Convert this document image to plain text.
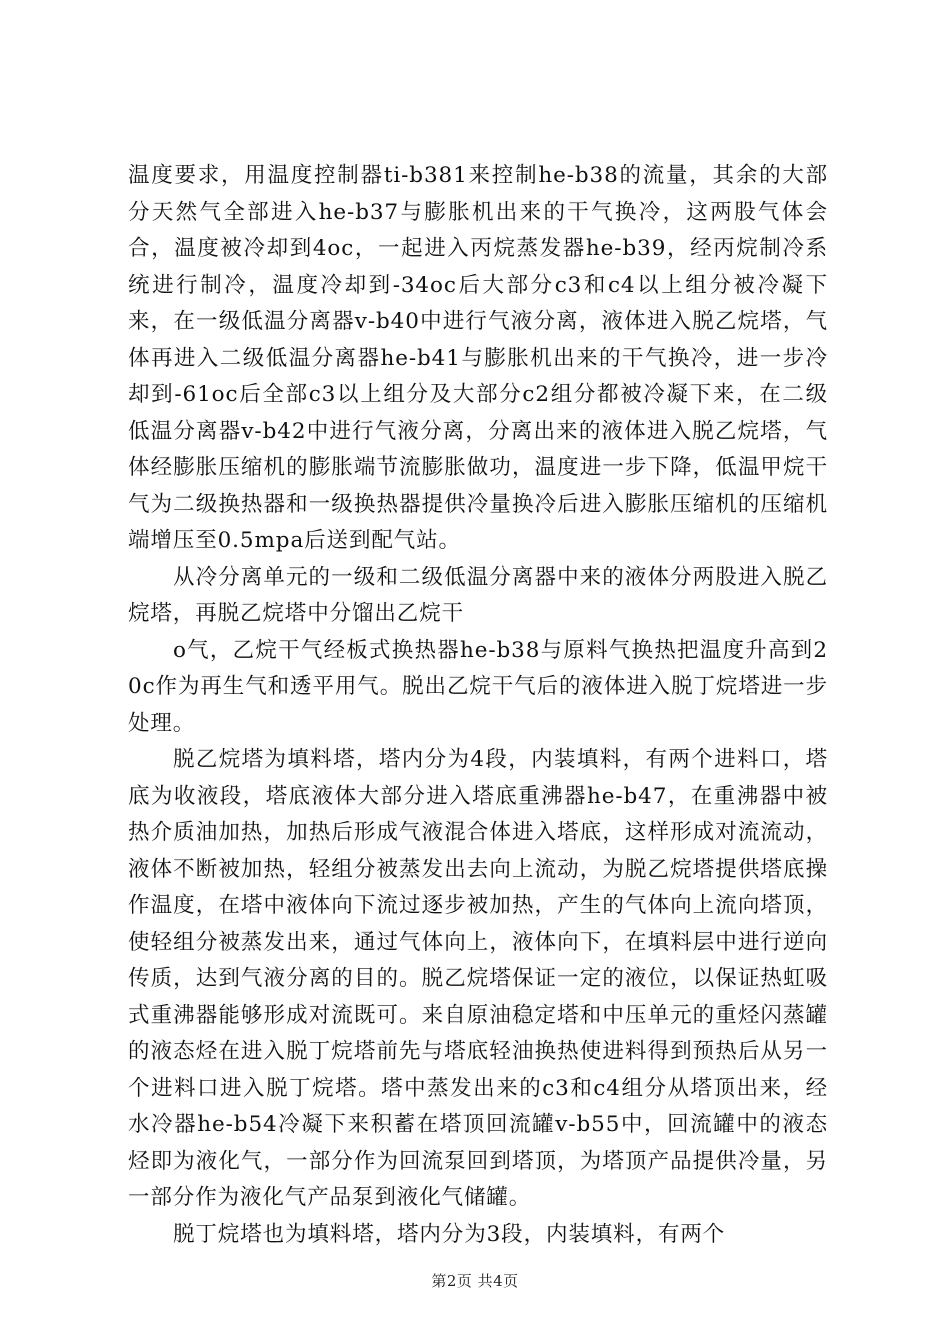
温度要求，用温度控制器ti-b381来控制he-b38的流量，其余的大部分天然气全部进入he-b37与膨胀机出来的干气换冷，这两股气体会合，温度被冷却到4oc，一起进入丙烷蒸发器he-b39，经丙烷制冷系统进行制冷，温度冷却到-34oc后大部分c3和c4以上组分被冷凝下来，在一级低温分离器v-b40中进行气液分离，液体进入脱乙烷塔，气体再进入二级低温分离器he-b41与膨胀机出来的干气换冷，进一步冷却到-61oc后全部c3以上组分及大部分c2组分都被冷凝下来，在二级低温分离器v-b42中进行气液分离，分离出来的液体进入脱乙烷塔，气体经膨胀压缩机的膨胀端节流膨胀做功，温度进一步下降，低温甲烷干气为二级换热器和一级换热器提供冷量换冷后进入膨胀压缩机的压缩机端增压至0.5mpa后送到配气站。

从冷分离单元的一级和二级低温分离器中来的液体分两股进入脱乙烷塔，再脱乙烷塔中分馏出乙烷干

o气，乙烷干气经板式换热器he-b38与原料气换热把温度升高到20c作为再生气和透平用气。脱出乙烷干气后的液体进入脱丁烷塔进一步处理。

脱乙烷塔为填料塔，塔内分为4段，内装填料，有两个进料口，塔底为收液段，塔底液体大部分进入塔底重沸器he-b47，在重沸器中被热介质油加热，加热后形成气液混合体进入塔底，这样形成对流流动，液体不断被加热，轻组分被蒸发出去向上流动，为脱乙烷塔提供塔底操作温度，在塔中液体向下流过逐步被加热，产生的气体向上流向塔顶，使轻组分被蒸发出来，通过气体向上，液体向下，在填料层中进行逆向传质，达到气液分离的目的。脱乙烷塔保证一定的液位，以保证热虹吸式重沸器能够形成对流既可。来自原油稳定塔和中压单元的重烃闪蒸罐的液态烃在进入脱丁烷塔前先与塔底轻油换热使进料得到预热后从另一个进料口进入脱丁烷塔。塔中蒸发出来的c3和c4组分从塔顶出来，经水冷器he-b54冷凝下来积蓄在塔顶回流罐v-b55中，回流罐中的液态烃即为液化气，一部分作为回流泵回到塔顶，为塔顶产品提供冷量，另一部分作为液化气产品泵到液化气储罐。

脱丁烷塔也为填料塔，塔内分为3段，内装填料，有两个

第2页 共4页
